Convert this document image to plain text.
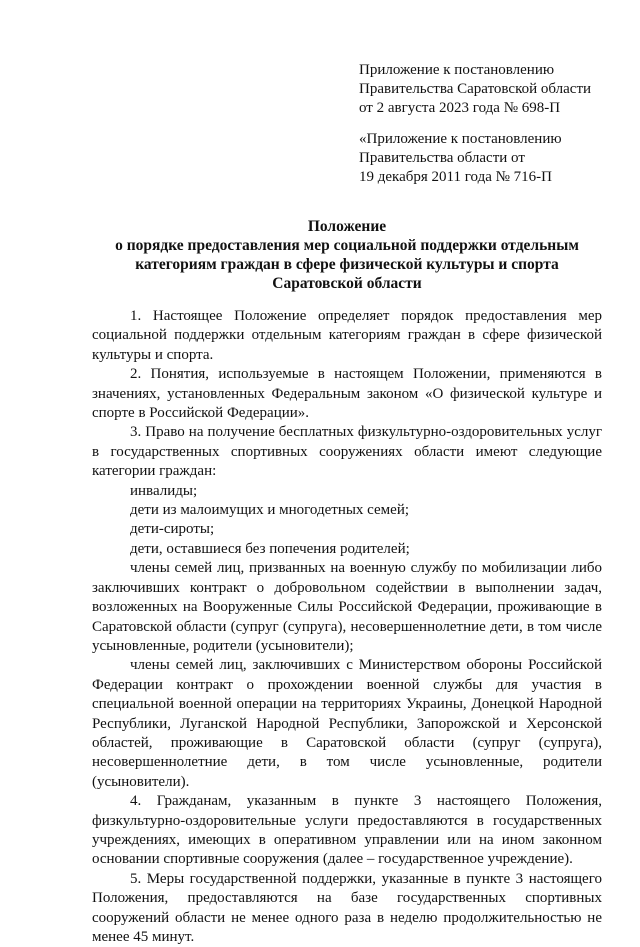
Приложение к постановлению

Правительства Саратовской области

от 2 августа 2023 года № 698-П

«Приложение к постановлению

Правительства области от

19 декабря 2011 года № 716-П

Положение

о порядке предоставления мер социальной поддержки отдельным

категориям граждан в сфере физической культуры и спорта

Саратовской области

1. Настоящее Положение определяет порядок предоставления мер социальной поддержки отдельным категориям граждан в сфере физической культуры и спорта.

2. Понятия, используемые в настоящем Положении, применяются в значениях, установленных Федеральным законом «О физической культуре и спорте в Российской Федерации».

3. Право на получение бесплатных физкультурно-оздоровительных услуг в государственных спортивных сооружениях области имеют следующие категории граждан:

инвалиды;

дети из малоимущих и многодетных семей;

дети-сироты;

дети, оставшиеся без попечения родителей;

члены семей лиц, призванных на военную службу по мобилизации либо заключивших контракт о добровольном содействии в выполнении задач, возложенных на Вооруженные Силы Российской Федерации, проживающие в Саратовской области (супруг (супруга), несовершеннолетние дети, в том числе усыновленные, родители (усыновители);

члены семей лиц, заключивших с Министерством обороны Российской Федерации контракт о прохождении военной службы для участия в специальной военной операции на территориях Украины, Донецкой Народной Республики, Луганской Народной Республики, Запорожской и Херсонской областей, проживающие в Саратовской области (супруг (супруга), несовершеннолетние дети, в том числе усыновленные, родители (усыновители).

4. Гражданам, указанным в пункте 3 настоящего Положения, физкультурно-оздоровительные услуги предоставляются в государственных учреждениях, имеющих в оперативном управлении или на ином законном основании спортивные сооружения (далее – государственное учреждение).

5. Меры государственной поддержки, указанные в пункте 3 настоящего Положения, предоставляются на базе государственных спортивных сооружений области не менее одного раза в неделю продолжительностью не менее 45 минут.
